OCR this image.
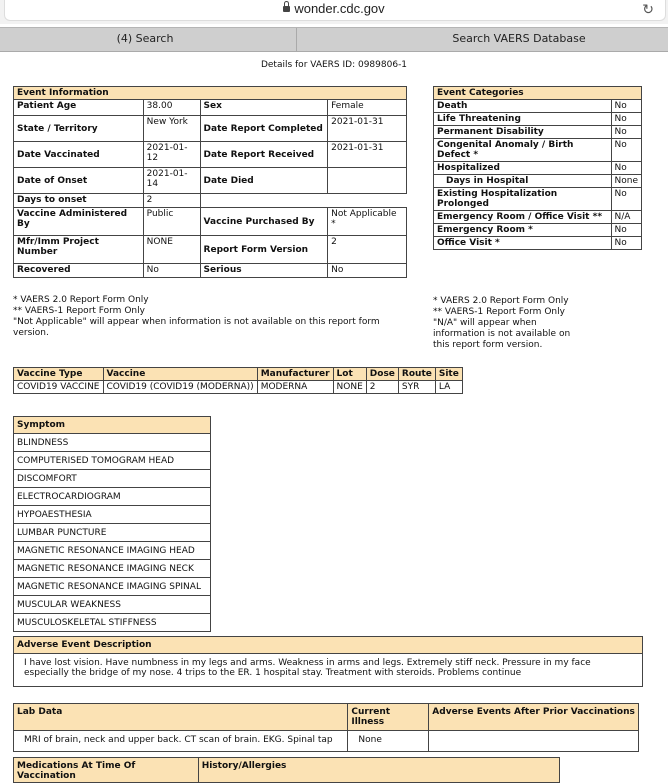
wonder.cdc.gov	↻
(4) Search	Search VAERS Database
Details for VAERS ID: 0989806-1
Event Information			
Patient Age	38.00	Sex	Female
State / Territory	New York	Date Report Completed	2021-01-31
Date Vaccinated	2021-01-12	Date Report Received	2021-01-31
Date of Onset	2021-01-14	Date Died	
Days to onset	2		
Vaccine Administered By	Public	Vaccine Purchased By	Not Applicable *
Mfr/Imm Project Number	NONE	Report Form Version	2
Recovered	No	Serious	No
* VAERS 2.0 Report Form Only
** VAERS-1 Report Form Only
"Not Applicable" will appear when information is not available on this report form version.
Event Categories	
Death	No
Life Threatening	No
Permanent Disability	No
Congenital Anomaly / Birth Defect *	No
Hospitalized	No
Days in Hospital	None
Existing Hospitalization Prolonged	No
Emergency Room / Office Visit **	N/A
Emergency Room *	No
Office Visit *	No
* VAERS 2.0 Report Form Only
** VAERS-1 Report Form Only
"N/A" will appear when information is not available on this report form version.
Vaccine Type	Vaccine	Manufacturer	Lot	Dose	Route	Site
COVID19 VACCINE	COVID19 (COVID19 (MODERNA))	MODERNA	NONE	2	SYR	LA
Symptom
BLINDNESS
COMPUTERISED TOMOGRAM HEAD
DISCOMFORT
ELECTROCARDIOGRAM
HYPOAESTHESIA
LUMBAR PUNCTURE
MAGNETIC RESONANCE IMAGING HEAD
MAGNETIC RESONANCE IMAGING NECK
MAGNETIC RESONANCE IMAGING SPINAL
MUSCULAR WEAKNESS
MUSCULOSKELETAL STIFFNESS
Adverse Event Description
I have lost vision. Have numbness in my legs and arms. Weakness in arms and legs. Extremely stiff neck. Pressure in my face especially the bridge of my nose. 4 trips to the ER. 1 hospital stay. Treatment with steroids. Problems continue
Lab Data	Current Illness	Adverse Events After Prior Vaccinations
MRI of brain, neck and upper back. CT scan of brain. EKG. Spinal tap	None	
Medications At Time Of Vaccination	History/Allergies
